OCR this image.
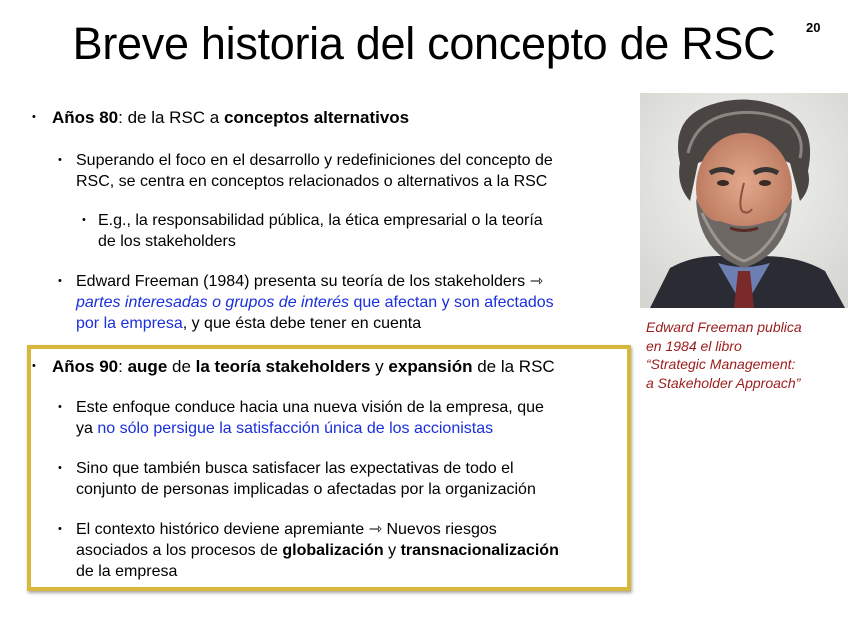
Breve historia del concepto de RSC	20
• Años 80: de la RSC a conceptos alternativos
• Superando el foco en el desarrollo y redefiniciones del concepto de
RSC, se centra en conceptos relacionados o alternativos a la RSC
• E.g., la responsabilidad pública, la ética empresarial o la teoría
de los stakeholders
• Edward Freeman (1984) presenta su teoría de los stakeholders ⇾
partes interesadas o grupos de interés que afectan y son afectados
por la empresa, y que ésta debe tener en cuenta
• Años 90: auge de la teoría stakeholders y expansión de la RSC
• Este enfoque conduce hacia una nueva visión de la empresa, que
ya no sólo persigue la satisfacción única de los accionistas
• Sino que también busca satisfacer las expectativas de todo el
conjunto de personas implicadas o afectadas por la organización
• El contexto histórico deviene apremiante ⇾ Nuevos riesgos
asociados a los procesos de globalización y transnacionalización
de la empresa
Edward Freeman publica
en 1984 el libro
“Strategic Management:
a Stakeholder Approach”
